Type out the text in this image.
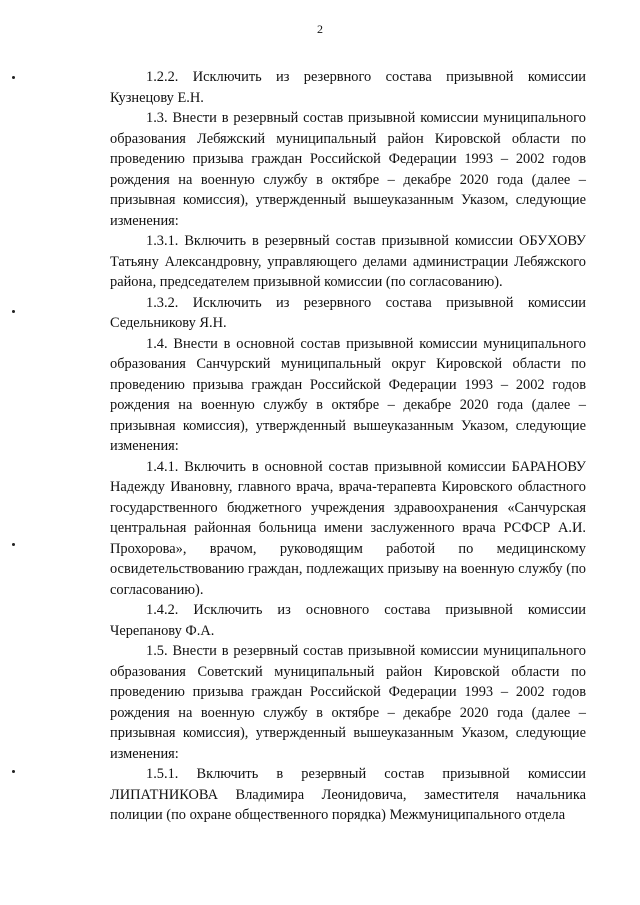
2

1.2.2. Исключить из резервного состава призывной комиссии Кузнецову Е.Н.

1.3. Внести в резервный состав призывной комиссии муниципального образования Лебяжский муниципальный район Кировской области по проведению призыва граждан Российской Федерации 1993 – 2002 годов рождения на военную службу в октябре – декабре 2020 года (далее – призывная комиссия), утвержденный вышеуказанным Указом, следующие изменения:

1.3.1. Включить в резервный состав призывной комиссии ОБУХОВУ Татьяну Александровну, управляющего делами администрации Лебяжского района, председателем призывной комиссии (по согласованию).

1.3.2. Исключить из резервного состава призывной комиссии Седельникову Я.Н.

1.4. Внести в основной состав призывной комиссии муниципального образования Санчурский муниципальный округ Кировской области по проведению призыва граждан Российской Федерации 1993 – 2002 годов рождения на военную службу в октябре – декабре 2020 года (далее – призывная комиссия), утвержденный вышеуказанным Указом, следующие изменения:

1.4.1. Включить в основной состав призывной комиссии БАРАНОВУ Надежду Ивановну, главного врача, врача-терапевта Кировского областного государственного бюджетного учреждения здравоохранения «Санчурская центральная районная больница имени заслуженного врача РСФСР А.И. Прохорова», врачом, руководящим работой по медицинскому освидетельствованию граждан, подлежащих призыву на военную службу (по согласованию).

1.4.2. Исключить из основного состава призывной комиссии Черепанову Ф.А.

1.5. Внести в резервный состав призывной комиссии муниципального образования Советский муниципальный район Кировской области по проведению призыва граждан Российской Федерации 1993 – 2002 годов рождения на военную службу в октябре – декабре 2020 года (далее – призывная комиссия), утвержденный вышеуказанным Указом, следующие изменения:

1.5.1. Включить в резервный состав призывной комиссии ЛИПАТНИКОВА Владимира Леонидовича, заместителя начальника полиции (по охране общественного порядка) Межмуниципального отдела
